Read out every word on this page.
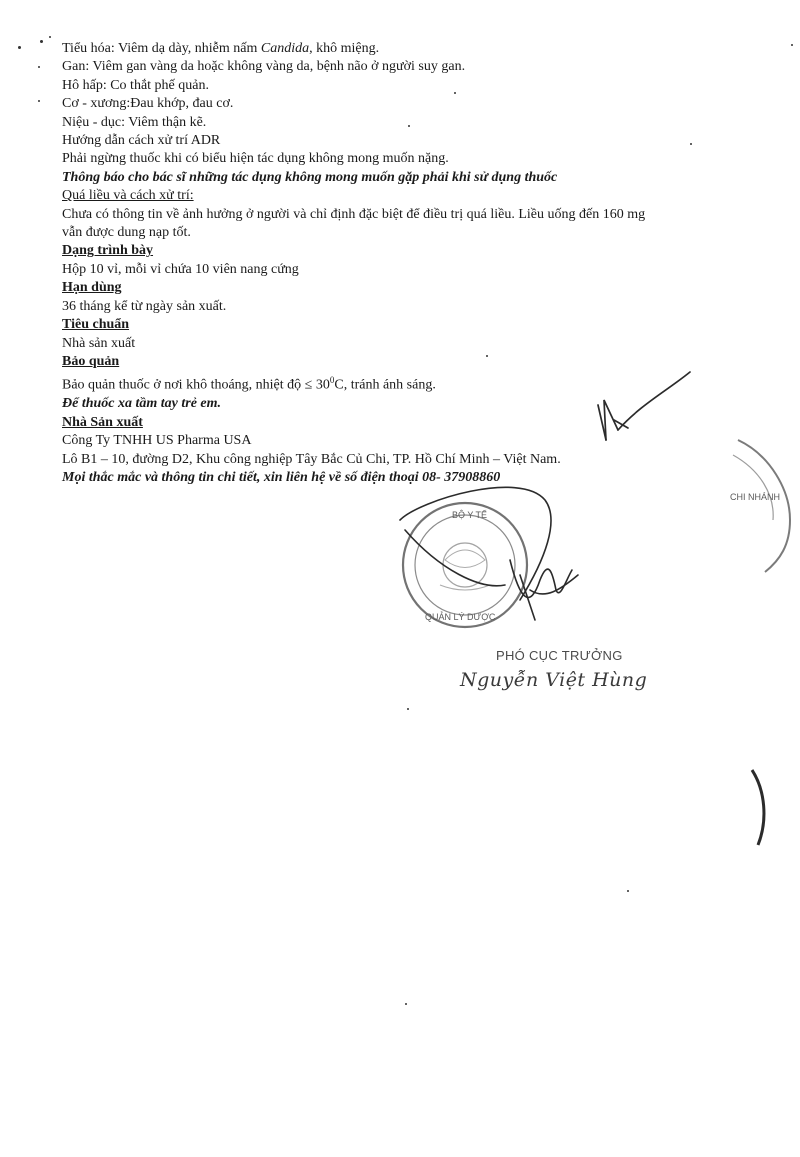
Tiểu hóa: Viêm dạ dày, nhiễm nấm Candida, khô miệng.

Gan: Viêm gan vàng da hoặc không vàng da, bệnh não ở người suy gan.

Hô hấp: Co thắt phế quản.

Cơ - xương:Đau khớp, đau cơ.

Niệu - dục: Viêm thận kẽ.

Hướng dẫn cách xử trí ADR

Phải ngừng thuốc khi có biểu hiện tác dụng không mong muốn nặng.

Thông báo cho bác sĩ những tác dụng không mong muốn gặp phải khi sử dụng thuốc

Quá liều và cách xử trí:

Chưa có thông tin về ảnh hưởng ở người và chỉ định đặc biệt để điều trị quá liều. Liều uống đến 160 mg

vẫn được dung nạp tốt.

Dạng trình bày

Hộp 10 vỉ, mỗi vỉ chứa 10 viên nang cứng

Hạn dùng

36 tháng kể từ ngày sản xuất.

Tiêu chuẩn

Nhà sản xuất

Bảo quản

Bảo quản thuốc ở nơi khô thoáng, nhiệt độ ≤ $30^0C$, tránh ánh sáng.

Để thuốc xa tầm tay trẻ em.

Nhà Sản xuất

Công Ty TNHH US Pharma USA

Lô B1 – 10, đường D2, Khu công nghiệp Tây Bắc Củ Chi, TP. Hồ Chí Minh – Việt Nam.

Mọi thắc mắc và thông tin chi tiết, xin liên hệ về số điện thoại 08- 37908860

BỘ Y TẾ
QUẢN LÝ DƯỢC
CHI NHÁNH
PHÓ CỤC TRƯỞNG
Nguyễn Việt Hùng
